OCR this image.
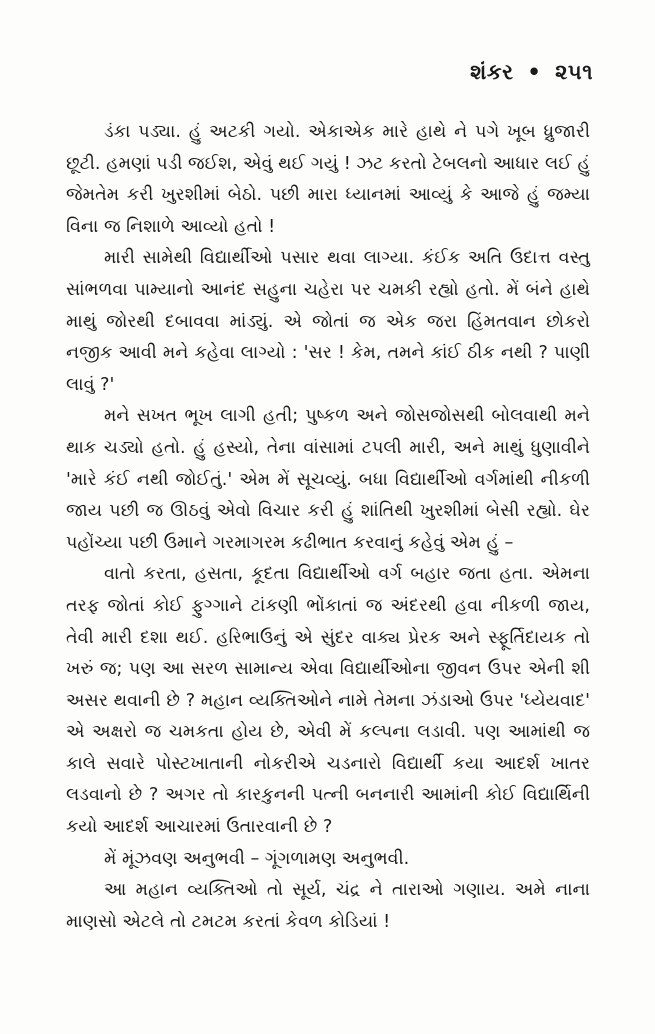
શંકર • ૨૫૧

ડંકા પડ્યા. હું અટકી ગયો. એકાએક મારે હાથે ને પગે ખૂબ ધ્રુજારી છૂટી. હમણાં પડી જઈશ, એવું થઈ ગયું ! ઝટ કરતો ટેબલનો આધાર લઈ હું જેમતેમ કરી ખુરશીમાં બેઠો. પછી મારા ધ્યાનમાં આવ્યું કે આજે હું જમ્યા વિના જ નિશાળે આવ્યો હતો !

મારી સામેથી વિદ્યાર્થીઓ પસાર થવા લાગ્યા. કંઈક અતિ ઉદાત્ત વસ્તુ સાંભળવા પામ્યાનો આનંદ સહુના ચહેરા પર ચમકી રહ્યો હતો. મેં બંને હાથે માથું જોરથી દબાવવા માંડ્યું. એ જોતાં જ એક જરા હિંમતવાન છોકરો નજીક આવી મને કહેવા લાગ્યો : 'સર ! કેમ, તમને કાંઈ ઠીક નથી ? પાણી લાવું ?'

મને સખત ભૂખ લાગી હતી; પુષ્કળ અને જોસજોસથી બોલવાથી મને થાક ચડ્યો હતો. હું હસ્યો, તેના વાંસામાં ટપલી મારી, અને માથું ધુણાવીને 'મારે કંઈ નથી જોઈતું.' એમ મેં સૂચવ્યું. બધા વિદ્યાર્થીઓ વર્ગમાંથી નીકળી જાય પછી જ ઊઠવું એવો વિચાર કરી હું શાંતિથી ખુરશીમાં બેસી રહ્યો. ઘેર પહોંચ્યા પછી ઉમાને ગરમાગરમ કઢીભાત કરવાનું કહેવું એમ હું –

વાતો કરતા, હસતા, કૂદતા વિદ્યાર્થીઓ વર્ગ બહાર જતા હતા. એમના તરફ જોતાં કોઈ ફુગ્ગાને ટાંકણી ભોંકાતાં જ અંદરથી હવા નીકળી જાય, તેવી મારી દશા થઈ. હરિભાઉનું એ સુંદર વાક્ય પ્રેરક અને સ્ફૂર્તિદાયક તો ખરું જ; પણ આ સરળ સામાન્ય એવા વિદ્યાર્થીઓના જીવન ઉપર એની શી અસર થવાની છે ? મહાન વ્યક્તિઓને નામે તેમના ઝંડાઓ ઉપર 'ધ્યેયવાદ' એ અક્ષરો જ ચમકતા હોય છે, એવી મેં કલ્પના લડાવી. પણ આમાંથી જ કાલે સવારે પોસ્ટખાતાની નોકરીએ ચડનારો વિદ્યાર્થી કયા આદર્શ ખાતર લડવાનો છે ? અગર તો કારકુનની પત્ની બનનારી આમાંની કોઈ વિદ્યાર્થિની કયો આદર્શ આચારમાં ઉતારવાની છે ?

મેં મૂંઝવણ અનુભવી – ગૂંગળામણ અનુભવી.

આ મહાન વ્યક્તિઓ તો સૂર્ય, ચંદ્ર ને તારાઓ ગણાય. અમે નાના માણસો એટલે તો ટમટમ કરતાં કેવળ કોડિયાં !
